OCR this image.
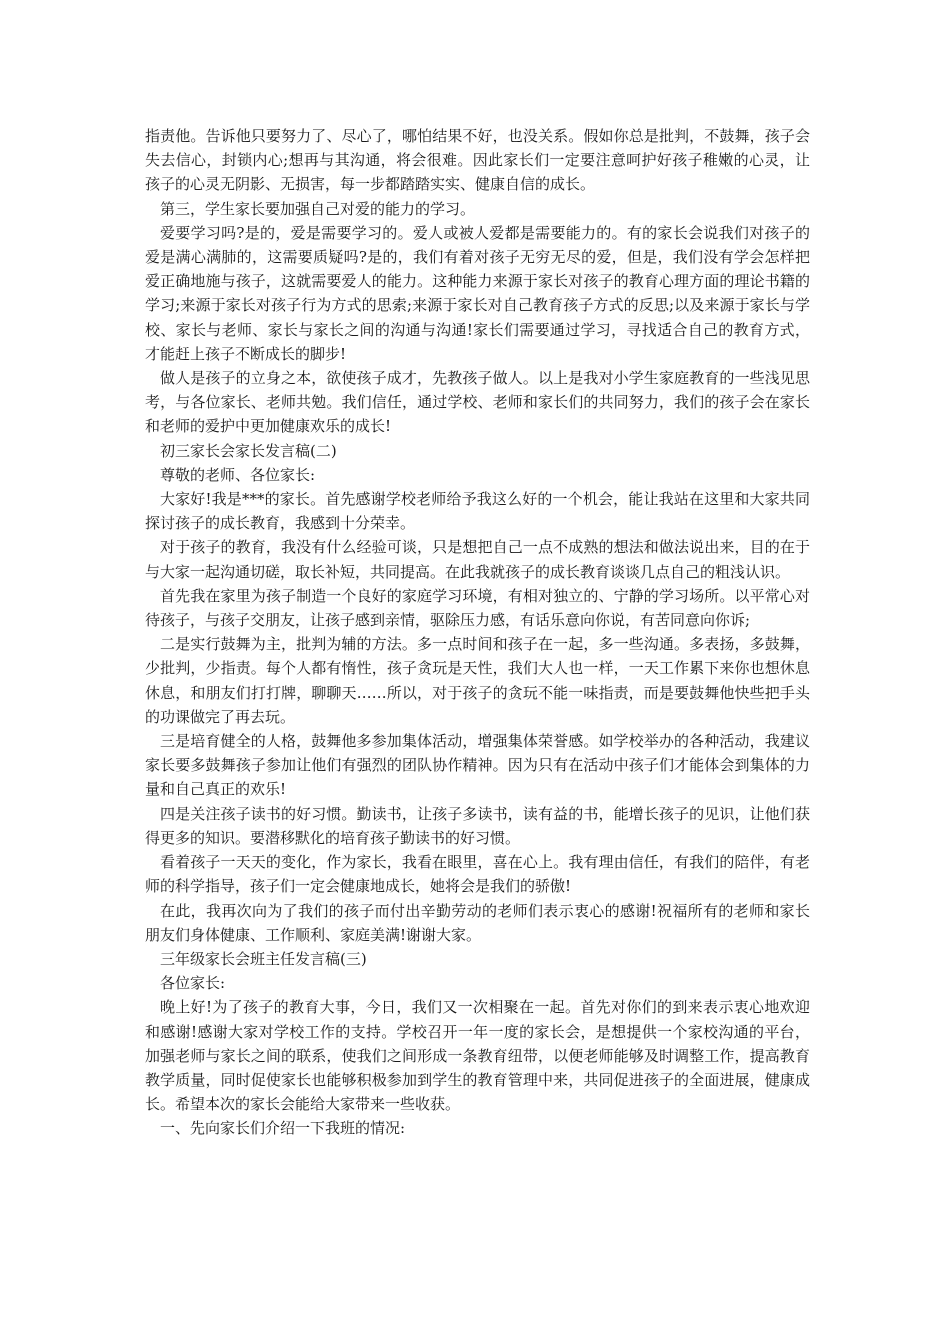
指责他。告诉他只要努力了、尽心了，哪怕结果不好，也没关系。假如你总是批判，不鼓舞，孩子会失去信心，封锁内心;想再与其沟通，将会很难。因此家长们一定要注意呵护好孩子稚嫩的心灵，让孩子的心灵无阴影、无损害，每一步都踏踏实实、健康自信的成长。

第三，学生家长要加强自己对爱的能力的学习。

爱要学习吗?是的，爱是需要学习的。爱人或被人爱都是需要能力的。有的家长会说我们对孩子的爱是满心满肺的，这需要质疑吗?是的，我们有着对孩子无穷无尽的爱，但是，我们没有学会怎样把爱正确地施与孩子，这就需要爱人的能力。这种能力来源于家长对孩子的教育心理方面的理论书籍的学习;来源于家长对孩子行为方式的思索;来源于家长对自己教育孩子方式的反思;以及来源于家长与学校、家长与老师、家长与家长之间的沟通与沟通!家长们需要通过学习，寻找适合自己的教育方式，才能赶上孩子不断成长的脚步!

做人是孩子的立身之本，欲使孩子成才，先教孩子做人。以上是我对小学生家庭教育的一些浅见思考，与各位家长、老师共勉。我们信任，通过学校、老师和家长们的共同努力，我们的孩子会在家长和老师的爱护中更加健康欢乐的成长!

初三家长会家长发言稿(二)

尊敬的老师、各位家长:

大家好!我是***的家长。首先感谢学校老师给予我这么好的一个机会，能让我站在这里和大家共同探讨孩子的成长教育，我感到十分荣幸。

对于孩子的教育，我没有什么经验可谈，只是想把自己一点不成熟的想法和做法说出来，目的在于与大家一起沟通切磋，取长补短，共同提高。在此我就孩子的成长教育谈谈几点自己的粗浅认识。

首先我在家里为孩子制造一个良好的家庭学习环境，有相对独立的、宁静的学习场所。以平常心对待孩子，与孩子交朋友，让孩子感到亲情，驱除压力感，有话乐意向你说，有苦同意向你诉;

二是实行鼓舞为主，批判为辅的方法。多一点时间和孩子在一起，多一些沟通。多表扬，多鼓舞，少批判，少指责。每个人都有惰性，孩子贪玩是天性，我们大人也一样，一天工作累下来你也想休息休息，和朋友们打打牌，聊聊天……所以，对于孩子的贪玩不能一味指责，而是要鼓舞他快些把手头的功课做完了再去玩。

三是培育健全的人格，鼓舞他多参加集体活动，增强集体荣誉感。如学校举办的各种活动，我建议家长要多鼓舞孩子参加让他们有强烈的团队协作精神。因为只有在活动中孩子们才能体会到集体的力量和自己真正的欢乐!

四是关注孩子读书的好习惯。勤读书，让孩子多读书，读有益的书，能增长孩子的见识，让他们获得更多的知识。要潜移默化的培育孩子勤读书的好习惯。

看着孩子一天天的变化，作为家长，我看在眼里，喜在心上。我有理由信任，有我们的陪伴，有老师的科学指导，孩子们一定会健康地成长，她将会是我们的骄傲!

在此，我再次向为了我们的孩子而付出辛勤劳动的老师们表示衷心的感谢!祝福所有的老师和家长朋友们身体健康、工作顺利、家庭美满!谢谢大家。

三年级家长会班主任发言稿(三)

各位家长:

晚上好!为了孩子的教育大事，今日，我们又一次相聚在一起。首先对你们的到来表示衷心地欢迎和感谢!感谢大家对学校工作的支持。学校召开一年一度的家长会，是想提供一个家校沟通的平台，加强老师与家长之间的联系，使我们之间形成一条教育纽带，以便老师能够及时调整工作，提高教育教学质量，同时促使家长也能够积极参加到学生的教育管理中来，共同促进孩子的全面进展，健康成长。希望本次的家长会能给大家带来一些收获。

一、先向家长们介绍一下我班的情况:
